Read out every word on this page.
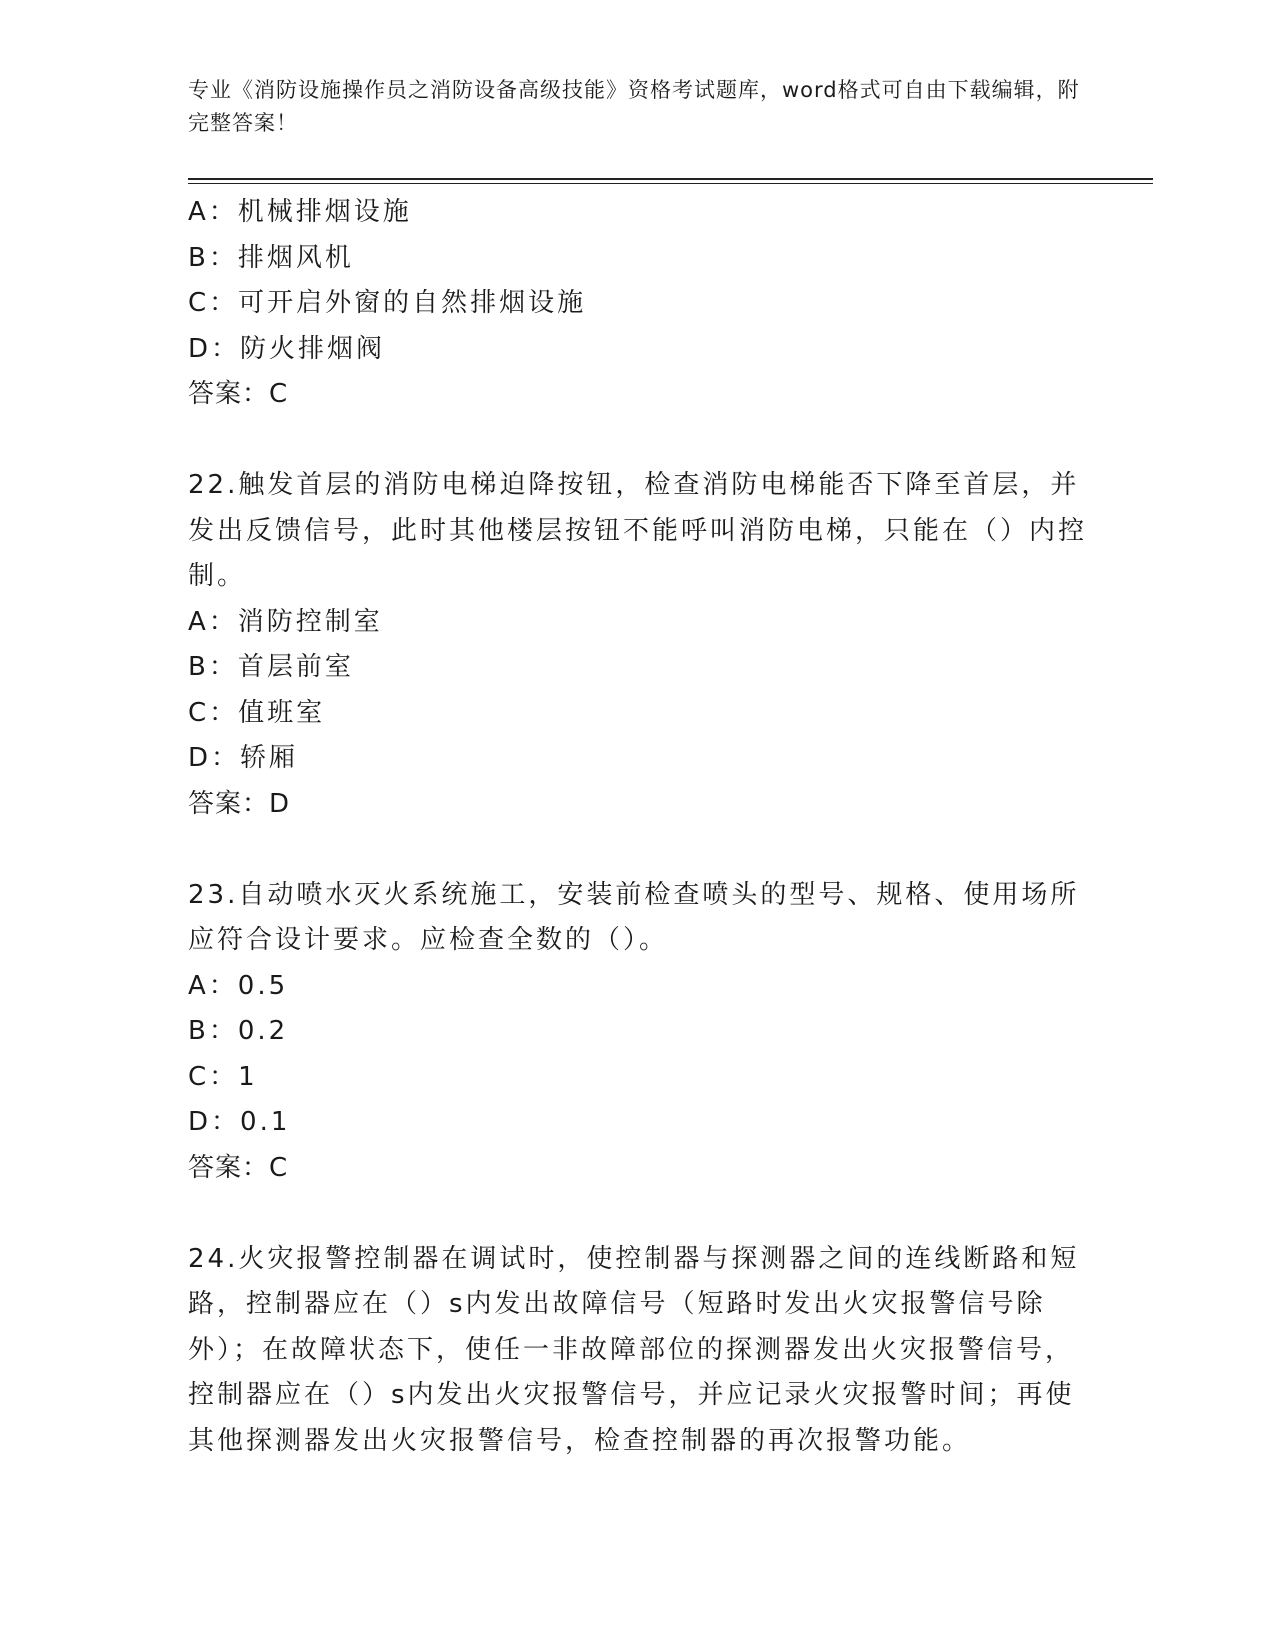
专业《消防设施操作员之消防设备高级技能》资格考试题库，word格式可自由下载编辑，附完整答案！
A：机械排烟设施
B：排烟风机
C：可开启外窗的自然排烟设施
D：防火排烟阀
答案：C
22.触发首层的消防电梯迫降按钮，检查消防电梯能否下降至首层，并发出反馈信号，此时其他楼层按钮不能呼叫消防电梯，只能在（）内控制。
A：消防控制室
B：首层前室
C：值班室
D：轿厢
答案：D
23.自动喷水灭火系统施工，安装前检查喷头的型号、规格、使用场所应符合设计要求。应检查全数的（）。
A：0.5
B：0.2
C：1
D：0.1
答案：C
24.火灾报警控制器在调试时，使控制器与探测器之间的连线断路和短路，控制器应在（）s内发出故障信号（短路时发出火灾报警信号除外）；在故障状态下，使任一非故障部位的探测器发出火灾报警信号，控制器应在（）s内发出火灾报警信号，并应记录火灾报警时间；再使其他探测器发出火灾报警信号，检查控制器的再次报警功能。
